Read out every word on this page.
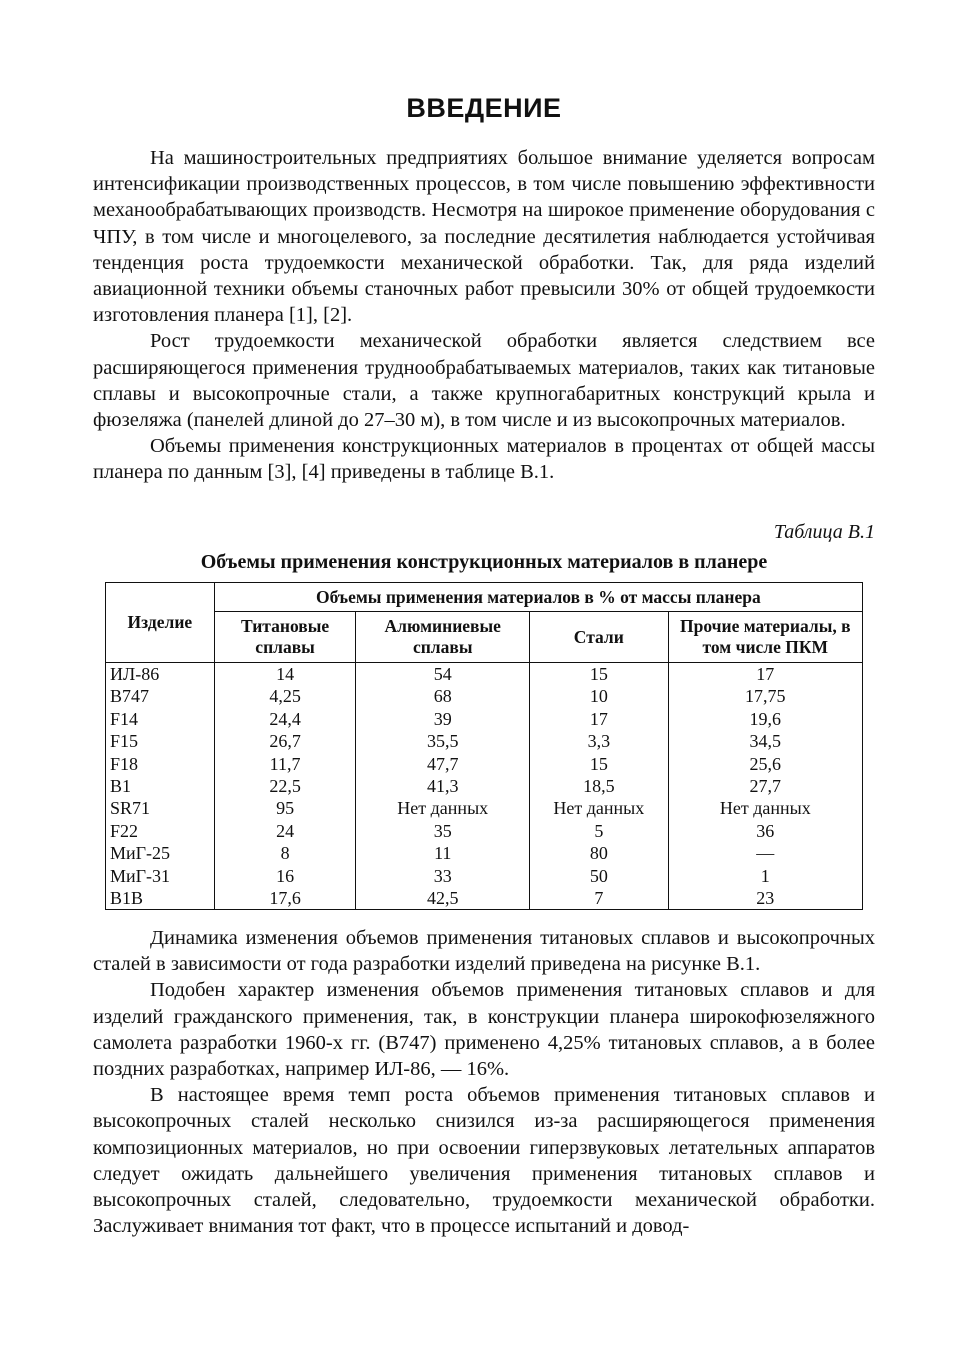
ВВЕДЕНИЕ

На машиностроительных предприятиях большое внимание уделяется вопросам интенсификации производственных процессов, в том числе повышению эффективности механообрабатывающих производств. Несмотря на широкое применение оборудования с ЧПУ, в том числе и многоцелевого, за последние десятилетия наблюдается устойчивая тенденция роста трудоемкости механической обработки. Так, для ряда изделий авиационной техники объемы станочных работ превысили 30% от общей трудоемкости изготовления планера [1], [2].

Рост трудоемкости механической обработки является следствием все расширяющегося применения труднообрабатываемых материалов, таких как титановые сплавы и высокопрочные стали, а также крупногабаритных конструкций крыла и фюзеляжа (панелей длиной до 27–30 м), в том числе и из высокопрочных материалов.

Объемы применения конструкционных материалов в процентах от общей массы планера по данным [3], [4] приведены в таблице В.1.

Таблица В.1
Объемы применения конструкционных материалов в планере
Изделие	Объемы применения материалов в % от массы планера			
	Титановые сплавы	Алюминиевые сплавы	Стали	Прочие материалы, в том числе ПКМ
ИЛ-86	14	54	15	17
B747	4,25	68	10	17,75
F14	24,4	39	17	19,6
F15	26,7	35,5	3,3	34,5
F18	11,7	47,7	15	25,6
B1	22,5	41,3	18,5	27,7
SR71	95	Нет данных	Нет данных	Нет данных
F22	24	35	5	36
МиГ-25	8	11	80	—
МиГ-31	16	33	50	1
B1B	17,6	42,5	7	23

Динамика изменения объемов применения титановых сплавов и высокопрочных сталей в зависимости от года разработки изделий приведена на рисунке В.1.

Подобен характер изменения объемов применения титановых сплавов и для изделий гражданского применения, так, в конструкции планера широкофюзеляжного самолета разработки 1960-х гг. (В747) применено 4,25% титановых сплавов, а в более поздних разработках, например ИЛ-86, — 16%.

В настоящее время темп роста объемов применения титановых сплавов и высокопрочных сталей несколько снизился из-за расширяющегося применения композиционных материалов, но при освоении гиперзвуковых летательных аппаратов следует ожидать дальнейшего увеличения применения титановых сплавов и высокопрочных сталей, следовательно, трудоемкости механической обработки. Заслуживает внимания тот факт, что в процессе испытаний и довод-
